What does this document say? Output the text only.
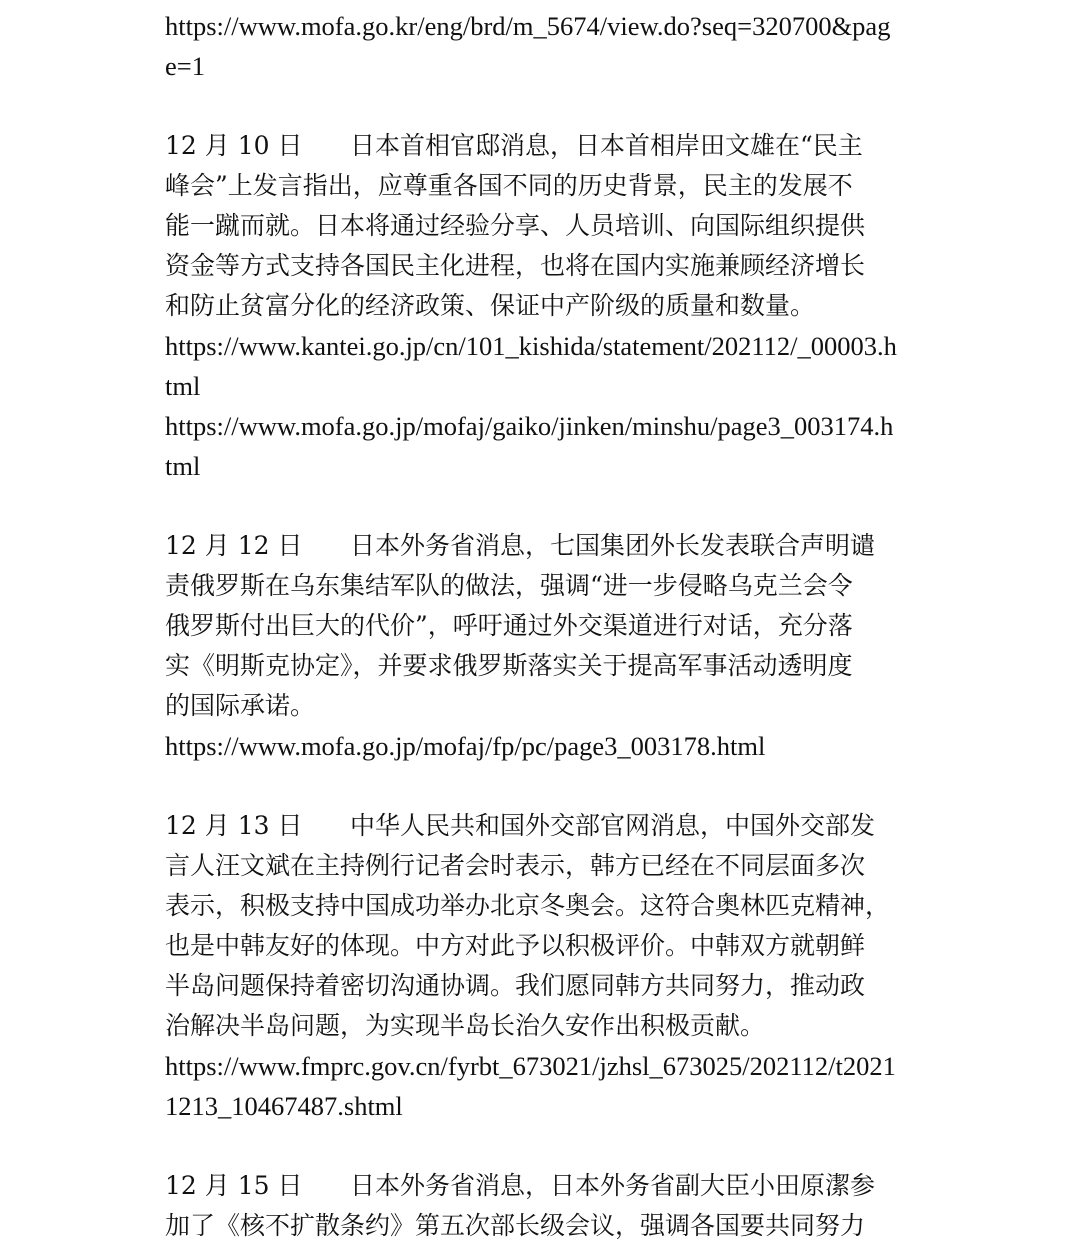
https://www.mofa.go.kr/eng/brd/m_5674/view.do?seq=320700&pag
e=1
12 月 10 日 日本首相官邸消息，日本首相岸田文雄在“民主
峰会”上发言指出，应尊重各国不同的历史背景，民主的发展不
能一蹴而就。日本将通过经验分享、人员培训、向国际组织提供
资金等方式支持各国民主化进程，也将在国内实施兼顾经济增长
和防止贫富分化的经济政策、保证中产阶级的质量和数量。
https://www.kantei.go.jp/cn/101_kishida/statement/202112/_00003.h
tml
https://www.mofa.go.jp/mofaj/gaiko/jinken/minshu/page3_003174.h
tml
12 月 12 日 日本外务省消息，七国集团外长发表联合声明谴
责俄罗斯在乌东集结军队的做法，强调“进一步侵略乌克兰会令
俄罗斯付出巨大的代价”，呼吁通过外交渠道进行对话，充分落
实《明斯克协定》，并要求俄罗斯落实关于提高军事活动透明度
的国际承诺。
https://www.mofa.go.jp/mofaj/fp/pc/page3_003178.html
12 月 13 日 中华人民共和国外交部官网消息，中国外交部发
言人汪文斌在主持例行记者会时表示，韩方已经在不同层面多次
表示，积极支持中国成功举办北京冬奥会。这符合奥林匹克精神，
也是中韩友好的体现。中方对此予以积极评价。中韩双方就朝鲜
半岛问题保持着密切沟通协调。我们愿同韩方共同努力，推动政
治解决半岛问题，为实现半岛长治久安作出积极贡献。
https://www.fmprc.gov.cn/fyrbt_673021/jzhsl_673025/202112/t2021
1213_10467487.shtml
12 月 15 日 日本外务省消息，日本外务省副大臣小田原潔参
加了《核不扩散条约》第五次部长级会议，强调各国要共同努力
